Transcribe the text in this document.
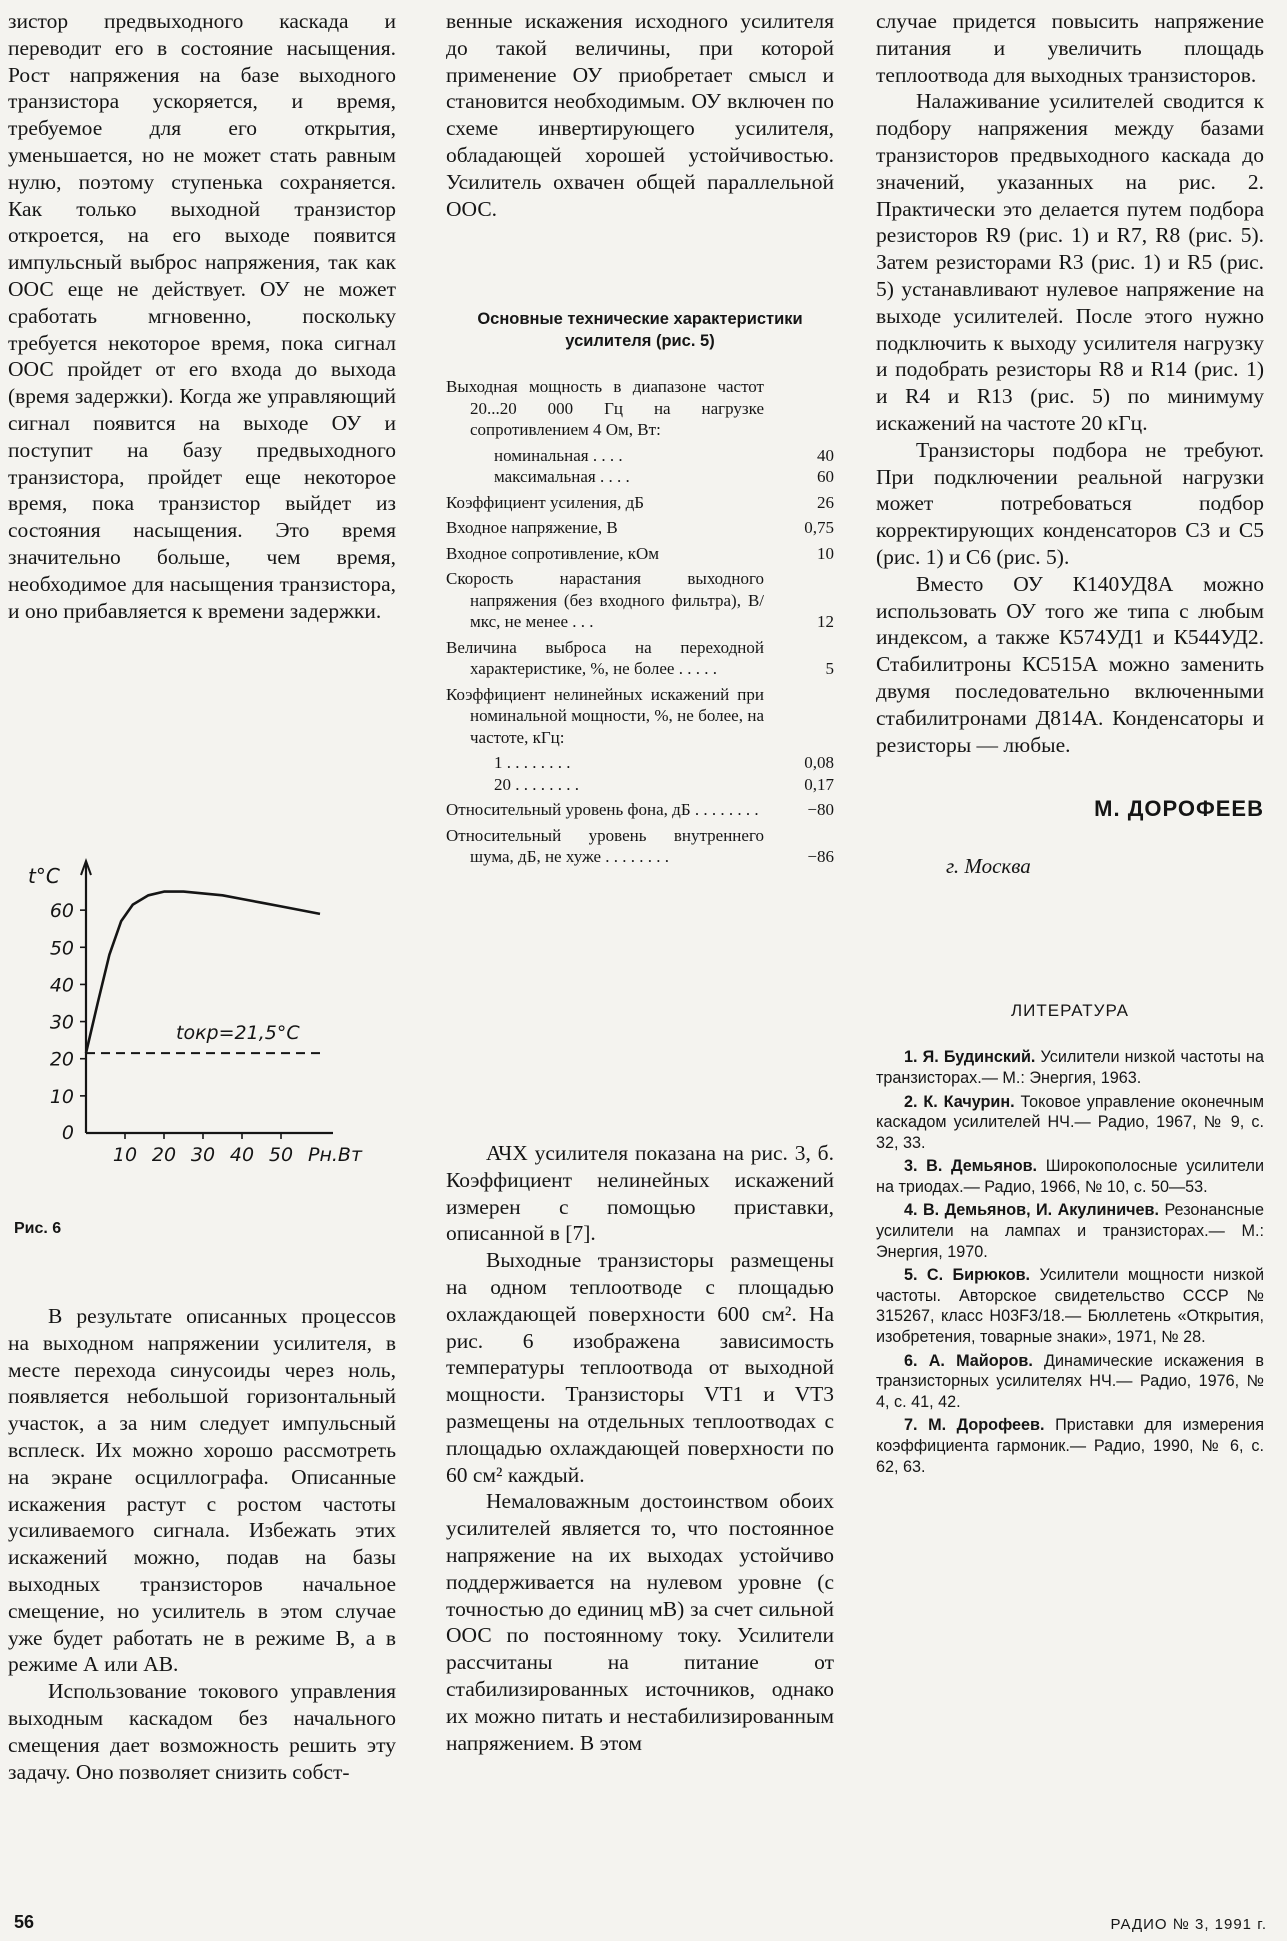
зистор предвыходного каскада и переводит его в состояние насыщения. Рост напряжения на базе выходного транзистора ускоряется, и время, требуемое для его открытия, уменьшается, но не может стать равным нулю, поэтому ступенька сохраняется. Как только выходной транзистор откроется, на его выходе появится импульсный выброс напряжения, так как ООС еще не действует. ОУ не может сработать мгновенно, поскольку требуется некоторое время, пока сигнал ООС пройдет от его входа до выхода (время задержки). Когда же управляющий сигнал появится на выходе ОУ и поступит на базу предвыходного транзистора, пройдет еще некоторое время, пока транзистор выйдет из состояния насыщения. Это время значительно больше, чем время, необходимое для насыщения транзистора, и оно прибавляется к времени задержки.

10
20
30
40
50
60
0
10 20 30 40 50
t°C
Pн.Вт
tокр=21,5°C
Рис. 6

В результате описанных процессов на выходном напряжении усилителя, в месте перехода синусоиды через ноль, появляется небольшой горизонтальный участок, а за ним следует импульсный всплеск. Их можно хорошо рассмотреть на экране осциллографа. Описанные искажения растут с ростом частоты усиливаемого сигнала. Избежать этих искажений можно, подав на базы выходных транзисторов начальное смещение, но усилитель в этом случае уже будет работать не в режиме В, а в режиме А или АВ.

Использование токового управления выходным каскадом без начального смещения дает возможность решить эту задачу. Оно позволяет снизить собст-

венные искажения исходного усилителя до такой величины, при которой применение ОУ приобретает смысл и становится необходимым. ОУ включен по схеме инвертирующего усилителя, обладающей хорошей устойчивостью. Усилитель охвачен общей параллельной ООС.

Основные технические характеристики усилителя (рис. 5)
Выходная мощность в диапазоне частот 20...20 000 Гц на нагрузке сопротивлением 4 Ом, Вт:
номинальная . . . .	40
максимальная . . . .	60
Коэффициент усиления, дБ	26
Входное напряжение, В	0,75
Входное сопротивление, кОм	10
Скорость нарастания выходного напряжения (без входного фильтра), В/мкс, не менее . . .	12
Величина выброса на переходной характеристике, %, не более . . . . .	5
Коэффициент нелинейных искажений при номинальной мощности, %, не более, на частоте, кГц:
1 . . . . . . . .	0,08
20 . . . . . . . .	0,17
Относительный уровень фона, дБ . . . . . . . .	−80
Относительный уровень внутреннего шума, дБ, не хуже . . . . . . . .	−86

АЧХ усилителя показана на рис. 3, б. Коэффициент нелинейных искажений измерен с помощью приставки, описанной в [7].

Выходные транзисторы размещены на одном теплоотводе с площадью охлаждающей поверхности 600 см². На рис. 6 изображена зависимость температуры теплоотвода от выходной мощности. Транзисторы VT1 и VT3 размещены на отдельных теплоотводах с площадью охлаждающей поверхности по 60 см² каждый.

Немаловажным достоинством обоих усилителей является то, что постоянное напряжение на их выходах устойчиво поддерживается на нулевом уровне (с точностью до единиц мВ) за счет сильной ООС по постоянному току. Усилители рассчитаны на питание от стабилизированных источников, однако их можно питать и нестабилизированным напряжением. В этом

случае придется повысить напряжение питания и увеличить площадь теплоотвода для выходных транзисторов.

Налаживание усилителей сводится к подбору напряжения между базами транзисторов предвыходного каскада до значений, указанных на рис. 2. Практически это делается путем подбора резисторов R9 (рис. 1) и R7, R8 (рис. 5). Затем резисторами R3 (рис. 1) и R5 (рис. 5) устанавливают нулевое напряжение на выходе усилителей. После этого нужно подключить к выходу усилителя нагрузку и подобрать резисторы R8 и R14 (рис. 1) и R4 и R13 (рис. 5) по минимуму искажений на частоте 20 кГц.

Транзисторы подбора не требуют. При подключении реальной нагрузки может потребоваться подбор корректирующих конденсаторов С3 и С5 (рис. 1) и С6 (рис. 5).

Вместо ОУ К140УД8А можно использовать ОУ того же типа с любым индексом, а также К574УД1 и К544УД2. Стабилитроны КС515А можно заменить двумя последовательно включенными стабилитронами Д814А. Конденсаторы и резисторы — любые.

М. ДОРОФЕЕВ
г. Москва
ЛИТЕРАТУРА

1. Я. Будинский. Усилители низкой частоты на транзисторах.— М.: Энергия, 1963.

2. К. Качурин. Токовое управление оконечным каскадом усилителей НЧ.— Радио, 1967, № 9, с. 32, 33.

3. В. Демьянов. Широкополосные усилители на триодах.— Радио, 1966, № 10, с. 50—53.

4. В. Демьянов, И. Акулиничев. Резонансные усилители на лампах и транзисторах.— М.: Энергия, 1970.

5. С. Бирюков. Усилители мощности низкой частоты. Авторское свидетельство СССР № 315267, класс Н03F3/18.— Бюллетень «Открытия, изобретения, товарные знаки», 1971, № 28.

6. А. Майоров. Динамические искажения в транзисторных усилителях НЧ.— Радио, 1976, № 4, с. 41, 42.

7. М. Дорофеев. Приставки для измерения коэффициента гармоник.— Радио, 1990, № 6, с. 62, 63.

56	РАДИО № 3, 1991 г.
